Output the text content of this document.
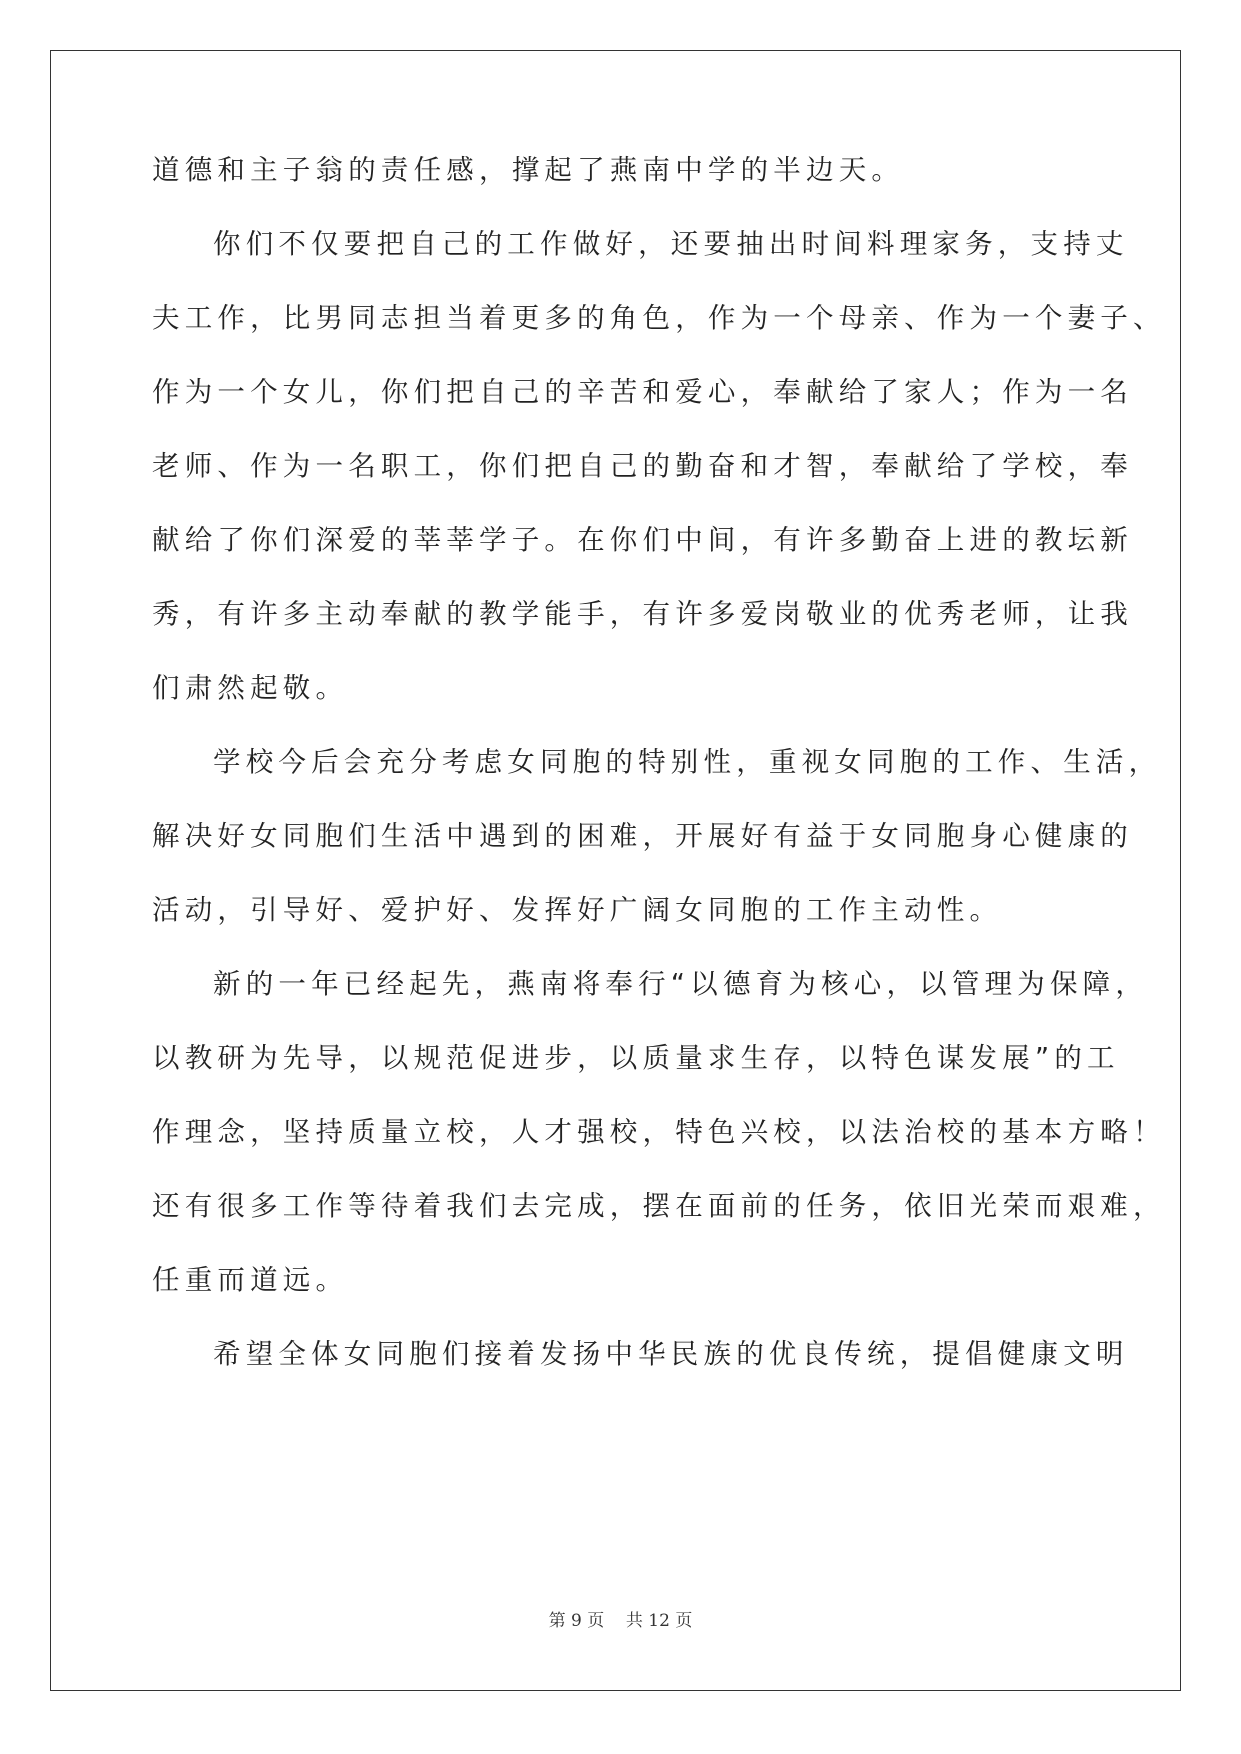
道德和主子翁的责任感，撑起了燕南中学的半边天。

你们不仅要把自己的工作做好，还要抽出时间料理家务，支持丈

夫工作，比男同志担当着更多的角色，作为一个母亲、作为一个妻子、

作为一个女儿，你们把自己的辛苦和爱心，奉献给了家人；作为一名

老师、作为一名职工，你们把自己的勤奋和才智，奉献给了学校，奉

献给了你们深爱的莘莘学子。在你们中间，有许多勤奋上进的教坛新

秀，有许多主动奉献的教学能手，有许多爱岗敬业的优秀老师，让我

们肃然起敬。

学校今后会充分考虑女同胞的特别性，重视女同胞的工作、生活，

解决好女同胞们生活中遇到的困难，开展好有益于女同胞身心健康的

活动，引导好、爱护好、发挥好广阔女同胞的工作主动性。

新的一年已经起先，燕南将奉行“以德育为核心，以管理为保障，

以教研为先导，以规范促进步，以质量求生存，以特色谋发展”的工

作理念，坚持质量立校，人才强校，特色兴校，以法治校的基本方略！

还有很多工作等待着我们去完成，摆在面前的任务，依旧光荣而艰难，

任重而道远。

希望全体女同胞们接着发扬中华民族的优良传统，提倡健康文明

第 9 页    共 12 页
